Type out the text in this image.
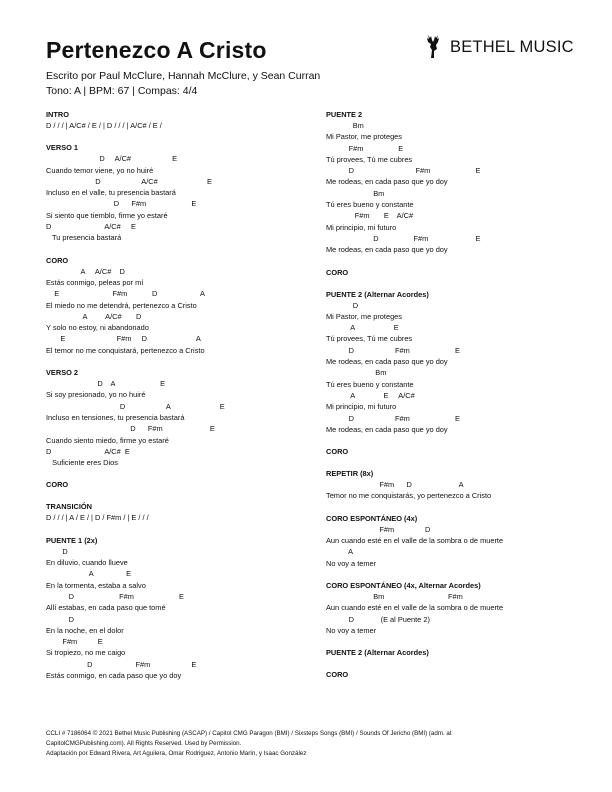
Pertenezco A Cristo
Escrito por Paul McClure, Hannah McClure, y Sean Curran
Tono: A | BPM: 67 | Compas: 4/4
BETHEL MUSIC
INTRO
D / / / | A/C# / E / | D / / / | A/C# / E /
VERSO 1
D     A/C#                    E
Cuando temor viene, yo no huiré
D                    A/C#                        E
Incluso en el valle, tu presencia bastará
D      F#m                      E
Si siento que tiemblo, firme yo estaré
D                          A/C#     E
Tu presencia bastará
CORO
A     A/C#    D
Estás conmigo, peleas por mí
E                          F#m            D                     A
El miedo no me detendrá, pertenezco a Cristo
A         A/C#       D
Y solo no estoy, ni abandonado
E                         F#m     D                        A
El temor no me conquistará, pertenezco a Cristo
VERSO 2
D    A                      E
Si soy presionado, yo no huiré
D                    A                        E
Incluso en tensiones, tu presencia bastará
D      F#m                       E
Cuando siento miedo, firme yo estaré
D                          A/C#  E
Suficiente eres Dios
CORO
TRANSICIÓN
D / / / | A / E / | D / F#m / | E / / /
PUENTE 1 (2x)
D
En diluvio, cuando llueve
A                E
En la tormenta, estaba a salvo
D                      F#m                      E
Allí estabas, en cada paso que tomé
D
En la noche, en el dolor
F#m          E
Si tropiezo, no me caigo
D                     F#m                    E
Estás conmigo, en cada paso que yo doy
PUENTE 2
Bm
Mi Pastor, me proteges
F#m                 E
Tú provees, Tú me cubres
D                              F#m                      E
Me rodeas, en cada paso que yo doy
Bm
Tú eres bueno y constante
F#m       E    A/C#
Mi principio, mi futuro
D                 F#m                       E
Me rodeas, en cada paso que yo doy
CORO
PUENTE 2 (Alternar Acordes)
D
Mi Pastor, me proteges
A                   E
Tú provees, Tú me cubres
D                    F#m                      E
Me rodeas, en cada paso que yo doy
Bm
Tú eres bueno y constante
A              E     A/C#
Mi principio, mi futuro
D                    F#m                      E
Me rodeas, en cada paso que yo doy
CORO
REPETIR (8x)
F#m      D                       A
Temor no me conquistarás, yo pertenezco a Cristo
CORO ESPONTÁNEO (4x)
F#m               D
Aun cuando esté en el valle de la sombra o de muerte
A
No voy a temer
CORO ESPONTÁNEO (4x, Alternar Acordes)
Bm                               F#m
Aun cuando esté en el valle de la sombra o de muerte
D             (E al Puente 2)
No voy a temer
PUENTE 2 (Alternar Acordes)
CORO
CCLI # 7186064 © 2021 Bethel Music Publishing (ASCAP) / Capitol CMG Paragon (BMI) / Sixsteps Songs (BMI) / Sounds Of Jericho (BMI) (adm. at
CapitolCMGPublishing.com). All Rights Reserved. Used by Permission.
Adaptación por Edward Rivera, Art Aguilera, Omar Rodriguez, Antonio Marín, y Isaac González
